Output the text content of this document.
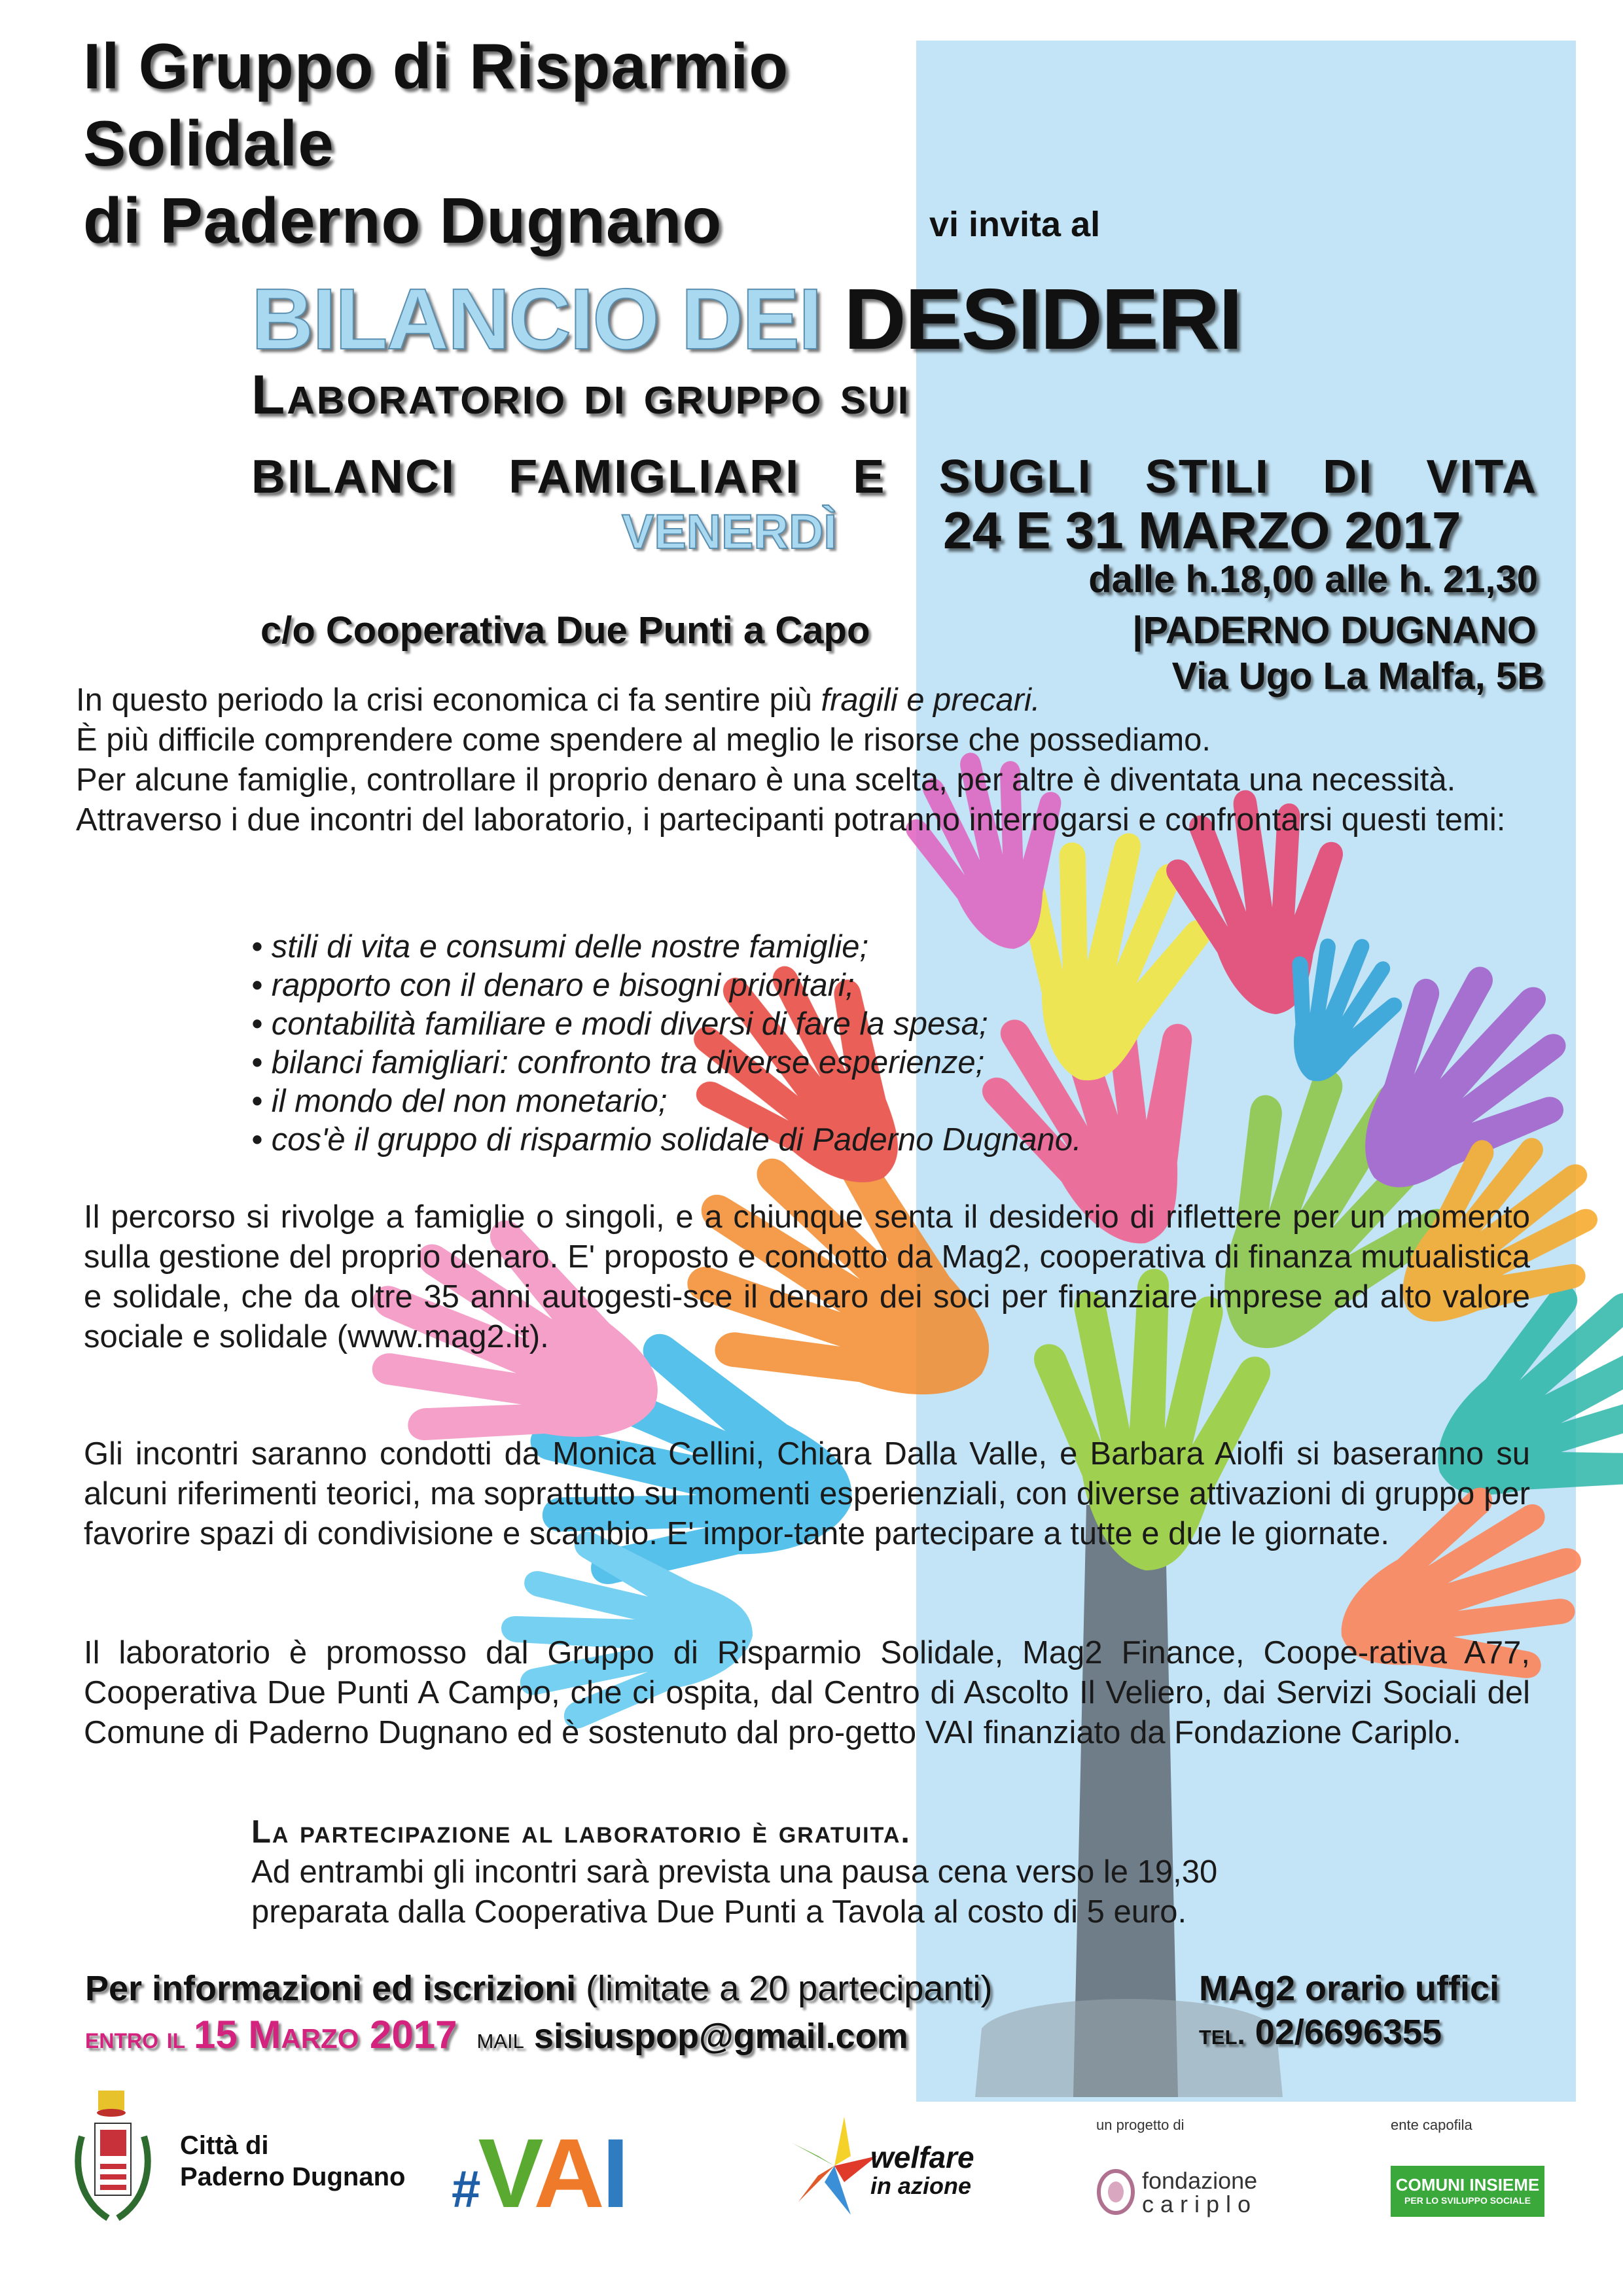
Il Gruppo di Risparmio
Solidale
di Paderno Dugnano	vi invita al
BILANCIO DEI DESIDERI
Laboratorio di gruppo sui
BILANCI FAMIGLIARI E SUGLI STILI DI VITA
VENERDÌ 24 E 31 MARZO 2017
dalle h.18,00 alle h. 21,30
c/o Cooperativa Due Punti a Capo	|PADERNO DUGNANO
Via Ugo La Malfa, 5B
In questo periodo la crisi economica ci fa sentire più fragili e precari.
È più difficile comprendere come spendere al meglio le risorse che possediamo.
Per alcune famiglie, controllare il proprio denaro è una scelta, per altre è diventata una necessità. Attraverso i due incontri del laboratorio, i partecipanti potranno interrogarsi e confrontarsi questi temi:
• stili di vita e consumi delle nostre famiglie;
• rapporto con il denaro e bisogni prioritari;
• contabilità familiare e modi diversi di fare la spesa;
• bilanci famigliari: confronto tra diverse esperienze;
• il mondo del non monetario;
• cos'è il gruppo di risparmio solidale di Paderno Dugnano.
Il percorso si rivolge a famiglie o singoli, e a chiunque senta il desiderio di riflettere per un momento sulla gestione del proprio denaro. E' proposto e condotto da Mag2, cooperativa di finanza mutualistica e solidale, che da oltre 35 anni autogesti-sce il denaro dei soci per finanziare imprese ad alto valore sociale e solidale (www.mag2.it).
Gli incontri saranno condotti da Monica Cellini, Chiara Dalla Valle, e Barbara Aiolfi si baseranno su alcuni riferimenti teorici, ma soprattutto su momenti esperienziali, con diverse attivazioni di gruppo per favorire spazi di condivisione e scambio. E' impor-tante partecipare a tutte e due le giornate.
Il laboratorio è promosso dal Gruppo di Risparmio Solidale, Mag2 Finance, Coope-rativa A77, Cooperativa Due Punti A Campo, che ci ospita, dal Centro di Ascolto Il Veliero, dai Servizi Sociali del Comune di Paderno Dugnano ed è sostenuto dal pro-getto VAI finanziato da Fondazione Cariplo.
La partecipazione al laboratorio è gratuita.
Ad entrambi gli incontri sarà prevista una pausa cena verso le 19,30
preparata dalla Cooperativa Due Punti a Tavola al costo di 5 euro.
Per informazioni ed iscrizioni (limitate a 20 partecipanti)
entro il 15 Marzo 2017 mail sisiuspop@gmail.com
MAg2 orario uffici
tel. 02/6696355
Città di
Paderno Dugnano #VAI	welfare
in azione
un progetto di
fondazione
cariplo
ente capofila
COMUNI INSIEME
PER LO SVILUPPO SOCIALE
